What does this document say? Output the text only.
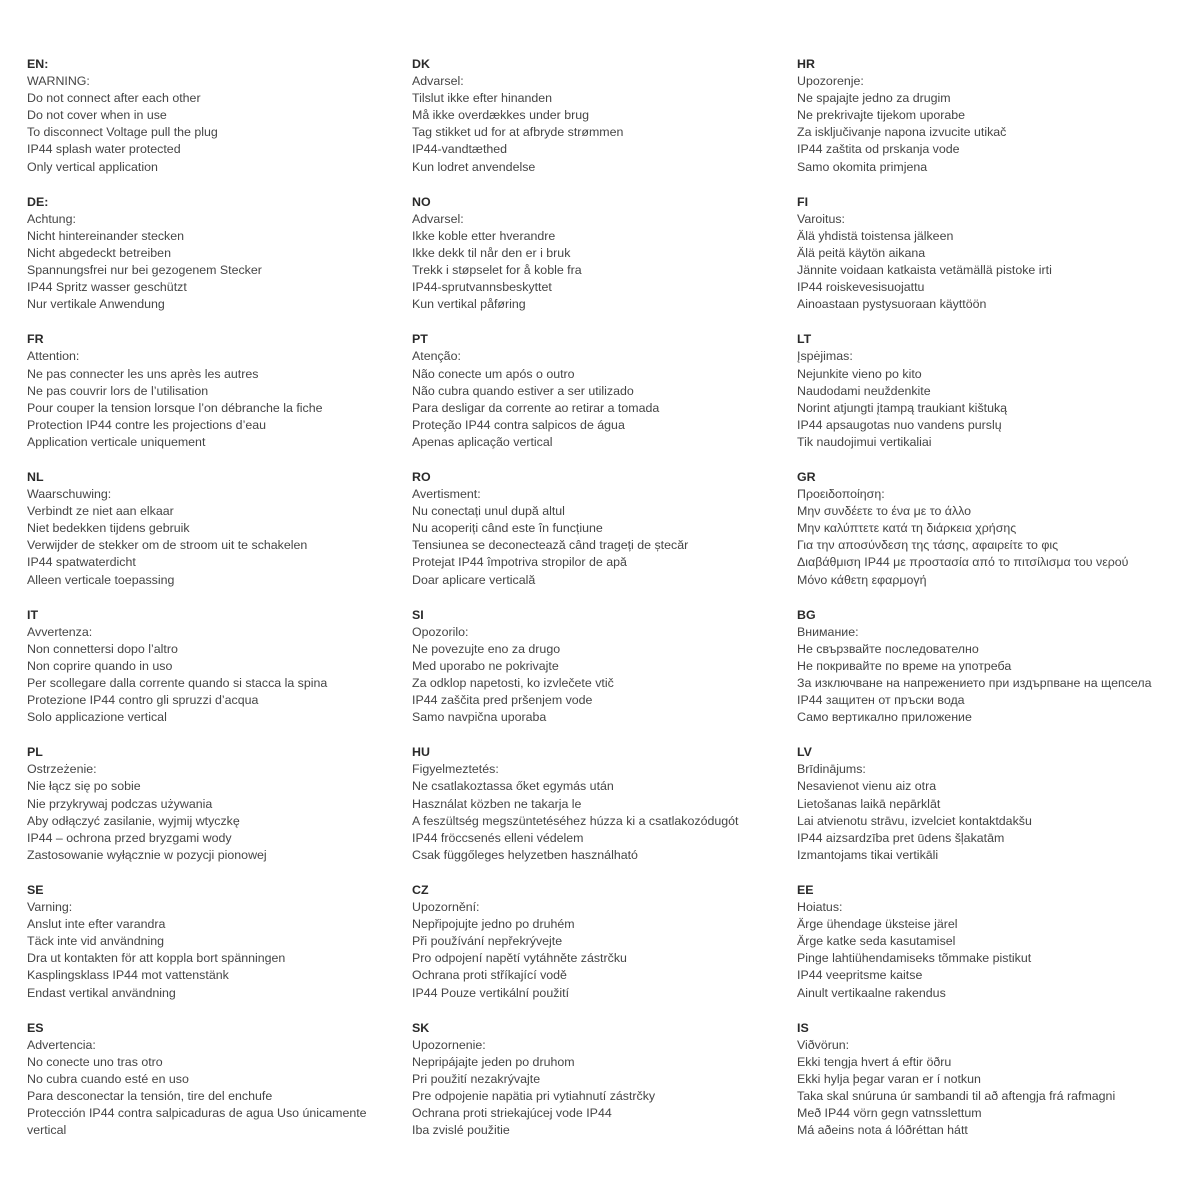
EN:
WARNING:
Do not connect after each other
Do not cover when in use
To disconnect Voltage pull the plug
IP44 splash water protected
Only vertical application
DE:
Achtung:
Nicht hintereinander stecken
Nicht abgedeckt betreiben
Spannungsfrei nur bei gezogenem Stecker
IP44 Spritz wasser geschützt
Nur vertikale Anwendung
FR
Attention:
Ne pas connecter les uns après les autres
Ne pas couvrir lors de l’utilisation
Pour couper la tension lorsque l’on débranche la fiche
Protection IP44 contre les projections d’eau
Application verticale uniquement
NL
Waarschuwing:
Verbindt ze niet aan elkaar
Niet bedekken tijdens gebruik
Verwijder de stekker om de stroom uit te schakelen
IP44 spatwaterdicht
Alleen verticale toepassing
IT
Avvertenza:
Non connettersi dopo l’altro
Non coprire quando in uso
Per scollegare dalla corrente quando si stacca la spina
Protezione IP44 contro gli spruzzi d’acqua
Solo applicazione vertical
PL
Ostrzeżenie:
Nie łącz się po sobie
Nie przykrywaj podczas używania
Aby odłączyć zasilanie, wyjmij wtyczkę
IP44 – ochrona przed bryzgami wody
Zastosowanie wyłącznie w pozycji pionowej
SE
Varning:
Anslut inte efter varandra
Täck inte vid användning
Dra ut kontakten för att koppla bort spänningen
Kasplingsklass IP44 mot vattenstänk
Endast vertikal användning
ES
Advertencia:
No conecte uno tras otro
No cubra cuando esté en uso
Para desconectar la tensión, tire del enchufe
Protección IP44 contra salpicaduras de agua Uso únicamente vertical
DK
Advarsel:
Tilslut ikke efter hinanden
Må ikke overdækkes under brug
Tag stikket ud for at afbryde strømmen
IP44-vandtæthed
Kun lodret anvendelse
NO
Advarsel:
Ikke koble etter hverandre
Ikke dekk til når den er i bruk
Trekk i støpselet for å koble fra
IP44-sprutvannsbeskyttet
Kun vertikal påføring
PT
Atenção:
Não conecte um após o outro
Não cubra quando estiver a ser utilizado
Para desligar da corrente ao retirar a tomada
Proteção IP44 contra salpicos de água
Apenas aplicação vertical
RO
Avertisment:
Nu conectați unul după altul
Nu acoperiți când este în funcțiune
Tensiunea se deconectează când trageți de ștecăr
Protejat IP44 împotriva stropilor de apă
Doar aplicare verticală
SI
Opozorilo:
Ne povezujte eno za drugo
Med uporabo ne pokrivajte
Za odklop napetosti, ko izvlečete vtič
IP44 zaščita pred pršenjem vode
Samo navpična uporaba
HU
Figyelmeztetés:
Ne csatlakoztassa őket egymás után
Használat közben ne takarja le
A feszültség megszüntetéséhez húzza ki a csatlakozódugót
IP44 fröccsenés elleni védelem
Csak függőleges helyzetben használható
CZ
Upozornění:
Nepřipojujte jedno po druhém
Při používání nepřekrývejte
Pro odpojení napětí vytáhněte zástrčku
Ochrana proti stříkající vodě
IP44 Pouze vertikální použití
SK
Upozornenie:
Nepripájajte jeden po druhom
Pri použití nezakrývajte
Pre odpojenie napätia pri vytiahnutí zástrčky
Ochrana proti striekajúcej vode IP44
Iba zvislé použitie
HR
Upozorenje:
Ne spajajte jedno za drugim
Ne prekrivajte tijekom uporabe
Za isključivanje napona izvucite utikač
IP44 zaštita od prskanja vode
Samo okomita primjena
FI
Varoitus:
Älä yhdistä toistensa jälkeen
Älä peitä käytön aikana
Jännite voidaan katkaista vetämällä pistoke irti
IP44 roiskevesisuojattu
Ainoastaan pystysuoraan käyttöön
LT
Įspėjimas:
Nejunkite vieno po kito
Naudodami neuždenkite
Norint atjungti įtampą traukiant kištuką
IP44 apsaugotas nuo vandens purslų
Tik naudojimui vertikaliai
GR
Προειδοποίηση:
Μην συνδέετε το ένα με το άλλο
Μην καλύπτετε κατά τη διάρκεια χρήσης
Για την αποσύνδεση της τάσης, αφαιρείτε το φις
Διαβάθμιση IP44 με προστασία από το πιτσίλισμα του νερού
Μόνο κάθετη εφαρμογή
BG
Внимание:
Не свързвайте последователно
Не покривайте по време на употреба
За изключване на напрежението при издърпване на щепсела
IP44 защитен от пръски вода
Само вертикално приложение
LV
Brīdinājums:
Nesavienot vienu aiz otra
Lietošanas laikā nepārklāt
Lai atvienotu strāvu, izvelciet kontaktdakšu
IP44 aizsardzība pret ūdens šļakatām
Izmantojams tikai vertikāli
EE
Hoiatus:
Ärge ühendage üksteise järel
Ärge katke seda kasutamisel
Pinge lahtiühendamiseks tõmmake pistikut
IP44 veepritsme kaitse
Ainult vertikaalne rakendus
IS
Viðvörun:
Ekki tengja hvert á eftir öðru
Ekki hylja þegar varan er í notkun
Taka skal snúruna úr sambandi til að aftengja frá rafmagni
Með IP44 vörn gegn vatnsslettum
Má aðeins nota á lóðréttan hátt
